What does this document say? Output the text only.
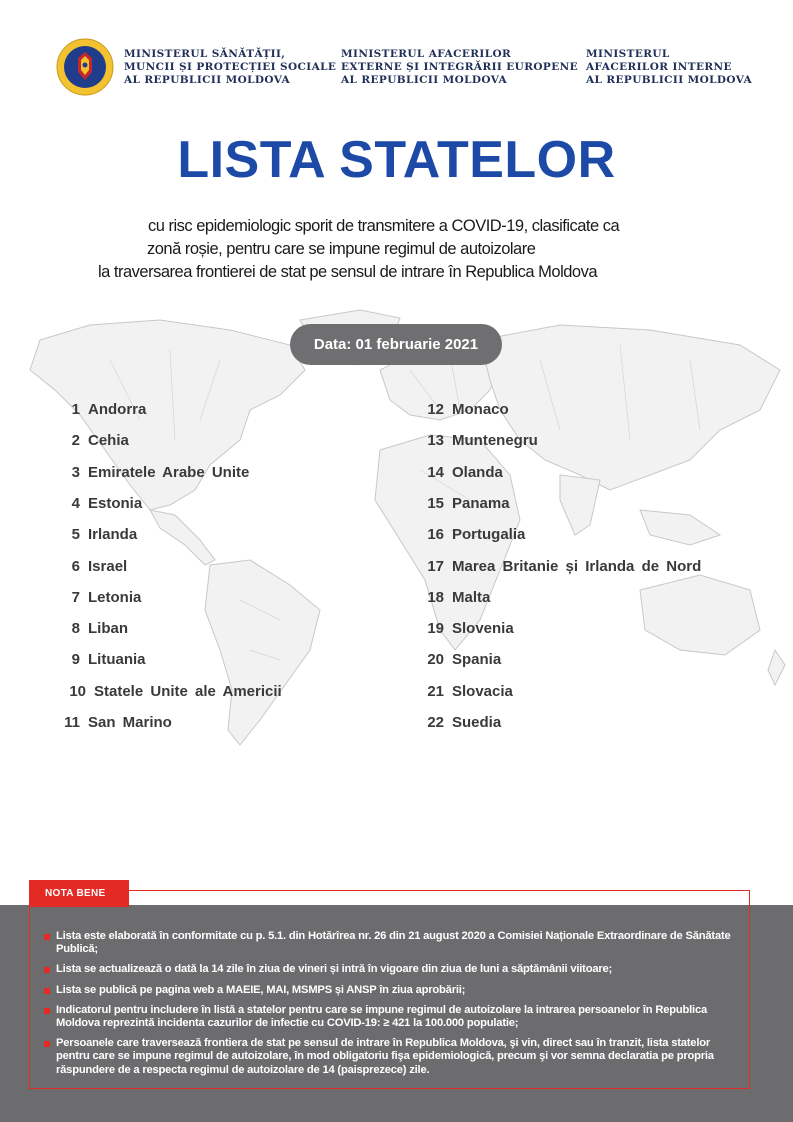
MINISTERUL SĂNĂTĂȚII,
MUNCII ȘI PROTECȚIEI SOCIALE
AL REPUBLICII MOLDOVA
MINISTERUL AFACERILOR
EXTERNE ȘI INTEGRĂRII EUROPENE
AL REPUBLICII MOLDOVA
MINISTERUL
AFACERILOR INTERNE
AL REPUBLICII MOLDOVA
LISTA STATELOR
cu risc epidemiologic sporit de transmitere a COVID-19, clasificate ca
zonă roșie, pentru care se impune regimul de autoizolare
la traversarea frontierei de stat pe sensul de intrare în Republica Moldova
Data: 01 februarie 2021
1 Andorra
2 Cehia
3 Emiratele Arabe Unite
4 Estonia
5 Irlanda
6 Israel
7 Letonia
8 Liban
9 Lituania
10 Statele Unite ale Americii
11 San Marino
12 Monaco
13 Muntenegru
14 Olanda
15 Panama
16 Portugalia
17 Marea Britanie și Irlanda de Nord
18 Malta
19 Slovenia
20 Spania
21 Slovacia
22 Suedia
NOTA BENE
Lista este elaborată în conformitate cu p. 5.1. din Hotărîrea nr. 26 din 21 august 2020 a Comisiei Naționale Extraordinare de Sănătate Publică;
Lista se actualizează o dată la 14 zile în ziua de vineri și intră în vigoare din ziua de luni a săptămânii viitoare;
Lista se publică pe pagina web a MAEIE, MAI, MSMPS și ANSP în ziua aprobării;
Indicatorul pentru includere în listă a statelor pentru care se impune regimul de autoizolare la intrarea persoanelor în Republica Moldova reprezintă incidenta cazurilor de infectie cu COVID-19: ≥ 421 la 100.000 populatie;
Persoanele care traversează frontiera de stat pe sensul de intrare în Republica Moldova, şi vin, direct sau în tranzit, lista statelor pentru care se impune regimul de autoizolare, în mod obligatoriu fişa epidemiologică, precum şi vor semna declaratia pe propria răspundere de a respecta regimul de autoizolare de 14 (paisprezece) zile.
